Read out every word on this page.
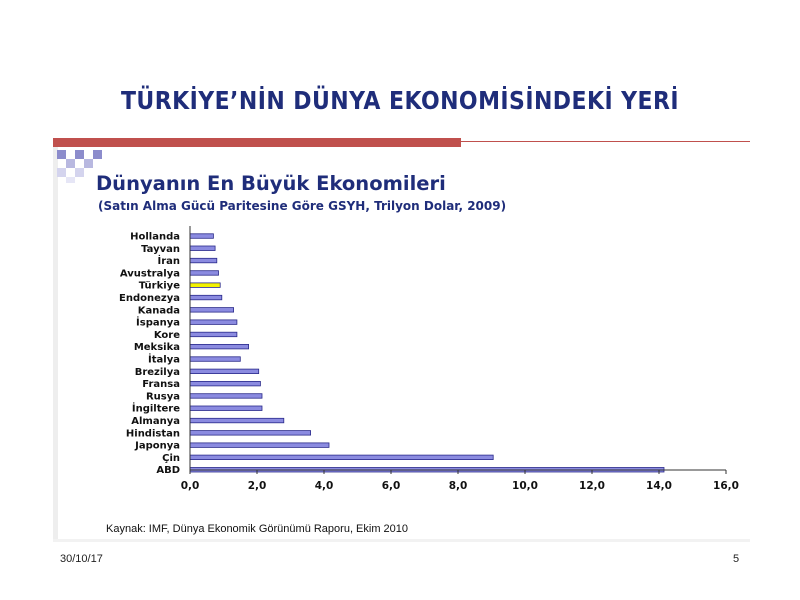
TÜRKİYE’NİN DÜNYA EKONOMİSİNDEKİ YERİ
Dünyanın En Büyük Ekonomileri
(Satın Alma Gücü Paritesine Göre GSYH, Trilyon Dolar, 2009)
Hollanda
Tayvan
İran
Avustralya
Türkiye
Endonezya
Kanada
İspanya
Kore
Meksika
İtalya
Brezilya
Fransa
Rusya
İngiltere
Almanya
Hindistan
Japonya
Çin
ABD
0,0	2,0	4,0	6,0	8,0	10,0	12,0	14,0	16,0
Kaynak: IMF, Dünya Ekonomik Görünümü Raporu, Ekim 2010
30/10/17	5
